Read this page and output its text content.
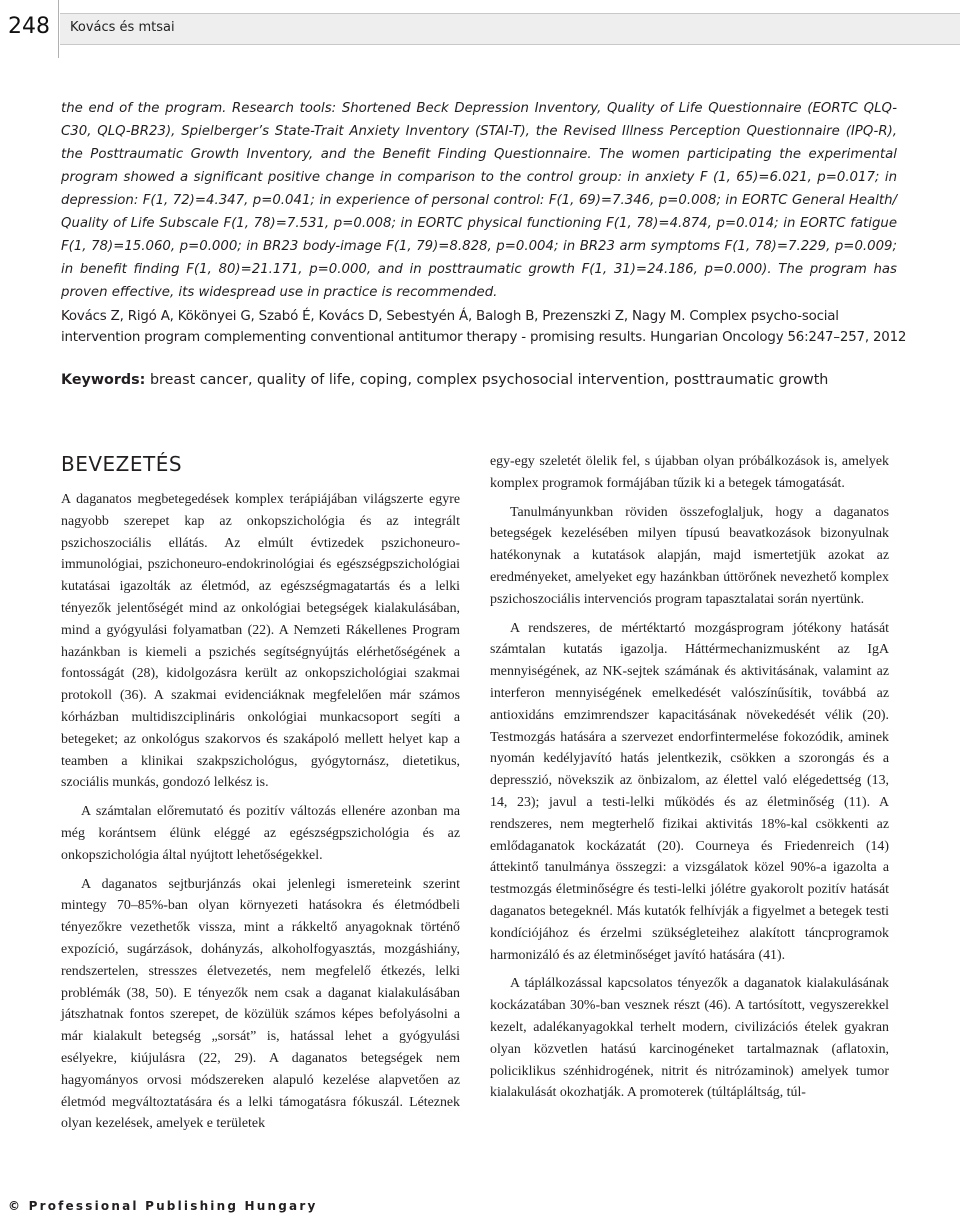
248	Kovács és mtsai
the end of the program. Research tools: Shortened Beck Depression Inventory, Quality of Life Questionnaire (EORTC QLQ-C30, QLQ-BR23), Spielberger’s State-Trait Anxiety Inventory (STAI-T), the Revised Illness Perception Questionnaire (IPQ-R), the Posttraumatic Growth Inventory, and the Benefit Finding Questionnaire. The women participating the experimental program showed a significant positive change in comparison to the control group: in anxiety F (1, 65)=6.021, p=0.017; in depression: F(1, 72)=4.347, p=0.041; in experience of personal control: F(1, 69)=7.346, p=0.008; in EORTC General Health/ Quality of Life Subscale F(1, 78)=7.531, p=0.008; in EORTC physical functioning F(1, 78)=4.874, p=0.014; in EORTC fatigue F(1, 78)=15.060, p=0.000; in BR23 body-image F(1, 79)=8.828, p=0.004; in BR23 arm symptoms F(1, 78)=7.229, p=0.009; in benefit finding F(1, 80)=21.171, p=0.000, and in posttraumatic growth F(1, 31)=24.186, p=0.000). The program has proven effective, its widespread use in practice is recommended.
Kovács Z, Rigó A, Kökönyei G, Szabó É, Kovács D, Sebestyén Á, Balogh B, Prezenszki Z, Nagy M. Complex psycho-social intervention program complementing conventional antitumor therapy - promising results. Hungarian Oncology 56:247–257, 2012
Keywords: breast cancer, quality of life, coping, complex psychosocial intervention, posttraumatic growth
BEVEZETÉS

A daganatos megbetegedések komplex terápiájában világszerte egyre nagyobb szerepet kap az onkopszichológia és az integrált pszichoszociális ellátás. Az elmúlt évtizedek pszichoneuro-immunológiai, pszichoneuro-endokrinológiai és egészségpszichológiai kutatásai igazolták az életmód, az egészségmagatartás és a lelki tényezők jelentőségét mind az onkológiai betegségek kialakulásában, mind a gyógyulási folyamatban (22). A Nemzeti Rákellenes Program hazánkban is kiemeli a pszichés segítségnyújtás elérhetőségének a fontosságát (28), kidolgozásra került az onkopszichológiai szakmai protokoll (36). A szakmai evidenciáknak megfelelően már számos kórházban multidiszciplináris onkológiai munkacsoport segíti a betegeket; az onkológus szakorvos és szakápoló mellett helyet kap a teamben a klinikai szakpszichológus, gyógytornász, dietetikus, szociális munkás, gondozó lelkész is.

A számtalan előremutató és pozitív változás ellenére azonban ma még korántsem élünk eléggé az egészségpszichológia és az onkopszichológia által nyújtott lehetőségekkel.

A daganatos sejtburjánzás okai jelenlegi ismereteink szerint mintegy 70–85%-ban olyan környezeti hatásokra és életmódbeli tényezőkre vezethetők vissza, mint a rákkeltő anyagoknak történő expozíció, sugárzások, dohányzás, alkoholfogyasztás, mozgáshiány, rendszertelen, stresszes életvezetés, nem megfelelő étkezés, lelki problémák (38, 50). E tényezők nem csak a daganat kialakulásában játszhatnak fontos szerepet, de közülük számos képes befolyásolni a már kialakult betegség „sorsát” is, hatással lehet a gyógyulási esélyekre, kiújulásra (22, 29). A daganatos betegségek nem hagyományos orvosi módszereken alapuló kezelése alapvetően az életmód megváltoztatására és a lelki támogatásra fókuszál. Léteznek olyan kezelések, amelyek e területek

egy-egy szeletét ölelik fel, s újabban olyan próbálkozások is, amelyek komplex programok formájában tűzik ki a betegek támogatását.

Tanulmányunkban röviden összefoglaljuk, hogy a daganatos betegségek kezelésében milyen típusú beavatkozások bizonyulnak hatékonynak a kutatások alapján, majd ismertetjük azokat az eredményeket, amelyeket egy hazánkban úttörőnek nevezhető komplex pszichoszociális intervenciós program tapasztalatai során nyertünk.

A rendszeres, de mértéktartó mozgásprogram jótékony hatását számtalan kutatás igazolja. Háttérmechanizmusként az IgA mennyiségének, az NK-sejtek számának és aktivitásának, valamint az interferon mennyiségének emelkedését valószínűsítik, továbbá az antioxidáns emzimrendszer kapacitásának növekedését vélik (20). Testmozgás hatására a szervezet endorfintermelése fokozódik, aminek nyomán kedélyjavító hatás jelentkezik, csökken a szorongás és a depresszió, növekszik az önbizalom, az élettel való elégedettség (13, 14, 23); javul a testi-lelki működés és az életminőség (11). A rendszeres, nem megterhelő fizikai aktivitás 18%-kal csökkenti az emlődaganatok kockázatát (20). Courneya és Friedenreich (14) áttekintő tanulmánya összegzi: a vizsgálatok közel 90%-a igazolta a testmozgás életminőségre és testi-lelki jólétre gyakorolt pozitív hatását daganatos betegeknél. Más kutatók felhívják a figyelmet a betegek testi kondíciójához és érzelmi szükségleteihez alakított táncprogramok harmonizáló és az életminőséget javító hatására (41).

A táplálkozással kapcsolatos tényezők a daganatok kialakulásának kockázatában 30%-ban vesznek részt (46). A tartósított, vegyszerekkel kezelt, adalékanyagokkal terhelt modern, civilizációs ételek gyakran olyan közvetlen hatású karcinogéneket tartalmaznak (aflatoxin, policiklikus szénhidrogének, nitrit és nitrózaminok) amelyek tumor kialakulását okozhatják. A promoterek (túltápláltság, túl-

© Professional Publishing Hungary
